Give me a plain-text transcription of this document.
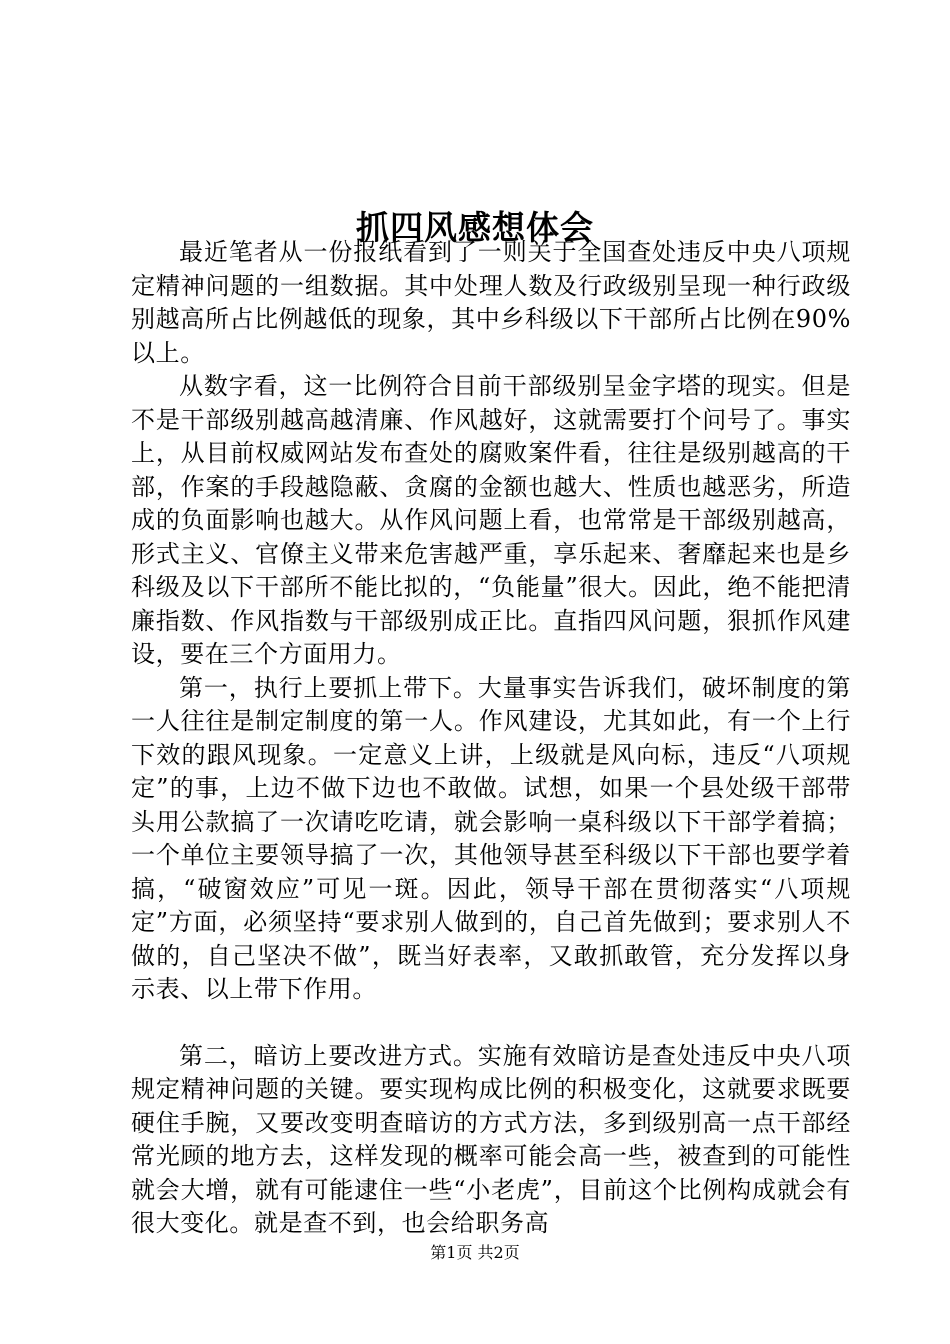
抓四风感想体会

最近笔者从一份报纸看到了一则关于全国查处违反中央八项规定精神问题的一组数据。其中处理人数及行政级别呈现一种行政级别越高所占比例越低的现象，其中乡科级以下干部所占比例在90%以上。

从数字看，这一比例符合目前干部级别呈金字塔的现实。但是不是干部级别越高越清廉、作风越好，这就需要打个问号了。事实上，从目前权威网站发布查处的腐败案件看，往往是级别越高的干部，作案的手段越隐蔽、贪腐的金额也越大、性质也越恶劣，所造成的负面影响也越大。从作风问题上看，也常常是干部级别越高，形式主义、官僚主义带来危害越严重，享乐起来、奢靡起来也是乡科级及以下干部所不能比拟的，“负能量”很大。因此，绝不能把清廉指数、作风指数与干部级别成正比。直指四风问题，狠抓作风建设，要在三个方面用力。

第一，执行上要抓上带下。大量事实告诉我们，破坏制度的第一人往往是制定制度的第一人。作风建设，尤其如此，有一个上行下效的跟风现象。一定意义上讲，上级就是风向标，违反“八项规定”的事，上边不做下边也不敢做。试想，如果一个县处级干部带头用公款搞了一次请吃吃请，就会影响一桌科级以下干部学着搞；一个单位主要领导搞了一次，其他领导甚至科级以下干部也要学着搞，“破窗效应”可见一斑。因此，领导干部在贯彻落实“八项规定”方面，必须坚持“要求别人做到的，自己首先做到；要求别人不做的，自己坚决不做”，既当好表率，又敢抓敢管，充分发挥以身示表、以上带下作用。

第二，暗访上要改进方式。实施有效暗访是查处违反中央八项规定精神问题的关键。要实现构成比例的积极变化，这就要求既要硬住手腕，又要改变明查暗访的方式方法，多到级别高一点干部经常光顾的地方去，这样发现的概率可能会高一些，被查到的可能性就会大增，就有可能逮住一些“小老虎”，目前这个比例构成就会有很大变化。就是查不到，也会给职务高

第1页 共2页
